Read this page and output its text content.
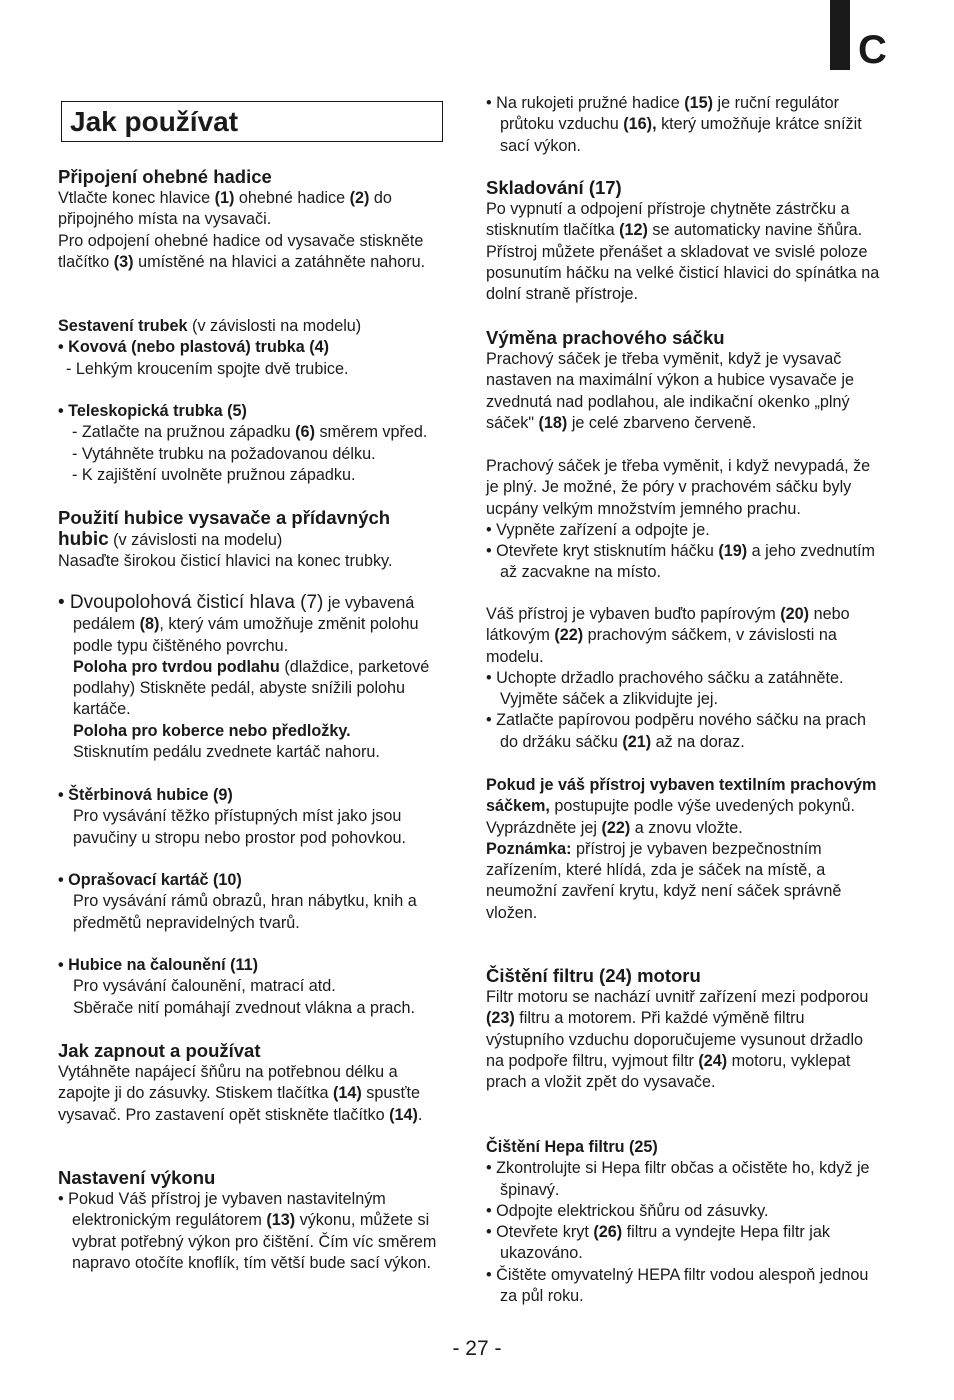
C
Jak používat
Připojení ohebné hadice

Vtlačte konec hlavice (1) ohebné hadice (2) do připojného místa na vysavači.

Pro odpojení ohebné hadice od vysavače stiskněte tlačítko (3) umístěné na hlavici a zatáhněte nahoru.

Sestavení trubek (v závislosti na modelu)

• Kovová (nebo plastová) trubka (4)

- Lehkým kroucením spojte dvě trubice.

• Teleskopická trubka (5)

- Zatlačte na pružnou západku (6) směrem vpřed.

- Vytáhněte trubku na požadovanou délku.

- K zajištění uvolněte pružnou západku.

Použití hubice vysavače a přídavných

hubic (v závislosti na modelu)

Nasaďte širokou čisticí hlavici na konec trubky.

• Dvoupolohová čisticí hlava (7) je vybavená pedálem (8), který vám umožňuje změnit polohu podle typu čištěného povrchu.

Poloha pro tvrdou podlahu (dlaždice, parketové podlahy) Stiskněte pedál, abyste snížili polohu kartáče.

Poloha pro koberce nebo předložky.

Stisknutím pedálu zvednete kartáč nahoru.

• Štěrbinová hubice (9)

Pro vysávání těžko přístupných míst jako jsou pavučiny u stropu nebo prostor pod pohovkou.

• Oprašovací kartáč (10)

Pro vysávání rámů obrazů, hran nábytku, knih a předmětů nepravidelných tvarů.

• Hubice na čalounění (11)

Pro vysávání čalounění, matrací atd.

Sběrače nití pomáhají zvednout vlákna a prach.

Jak zapnout a používat

Vytáhněte napájecí šňůru na potřebnou délku a zapojte ji do zásuvky. Stiskem tlačítka (14) spusťte vysavač. Pro zastavení opět stiskněte tlačítko (14).

Nastavení výkonu

• Pokud Váš přístroj je vybaven nastavitelným elektronickým regulátorem (13) výkonu, můžete si vybrat potřebný výkon pro čištění. Čím víc směrem napravo otočíte knoflík, tím větší bude sací výkon.

• Na rukojeti pružné hadice (15) je ruční regulátor průtoku vzduchu (16), který umožňuje krátce snížit sací výkon.

Skladování (17)

Po vypnutí a odpojení přístroje chytněte zástrčku a stisknutím tlačítka (12) se automaticky navine šňůra. Přístroj můžete přenášet a skladovat ve svislé poloze posunutím háčku na velké čisticí hlavici do spínátka na dolní straně přístroje.

Výměna prachového sáčku

Prachový sáček je třeba vyměnit, když je vysavač nastaven na maximální výkon a hubice vysavače je zvednutá nad podlahou, ale indikační okenko „plný sáček" (18) je celé zbarveno červeně.

Prachový sáček je třeba vyměnit, i když nevypadá, že je plný. Je možné, že póry v prachovém sáčku byly ucpány velkým množstvím jemného prachu.

• Vypněte zařízení a odpojte je.

• Otevřete kryt stisknutím háčku (19) a jeho zvednutím až zacvakne na místo.

Váš přístroj je vybaven buďto papírovým (20) nebo látkovým (22) prachovým sáčkem, v závislosti na modelu.

• Uchopte držadlo prachového sáčku a zatáhněte. Vyjměte sáček a zlikvidujte jej.

• Zatlačte papírovou podpěru nového sáčku na prach do držáku sáčku (21) až na doraz.

Pokud je váš přístroj vybaven textilním prachovým sáčkem, postupujte podle výše uvedených pokynů. Vyprázdněte jej (22) a znovu vložte.

Poznámka: přístroj je vybaven bezpečnostním zařízením, které hlídá, zda je sáček na místě, a neumožní zavření krytu, když není sáček správně vložen.

Čištění filtru (24) motoru

Filtr motoru se nachází uvnitř zařízení mezi podporou (23) filtru a motorem. Při každé výměně filtru výstupního vzduchu doporučujeme vysunout držadlo na podpoře filtru, vyjmout filtr (24) motoru, vyklepat prach a vložit zpět do vysavače.

Čištění Hepa filtru (25)

• Zkontrolujte si Hepa filtr občas a očistěte ho, když je špinavý.

• Odpojte elektrickou šňůru od zásuvky.

• Otevřete kryt (26) filtru a vyndejte Hepa filtr jak ukazováno.

• Čištěte omyvatelný HEPA filtr vodou alespoň jednou za půl roku.

- 27 -
